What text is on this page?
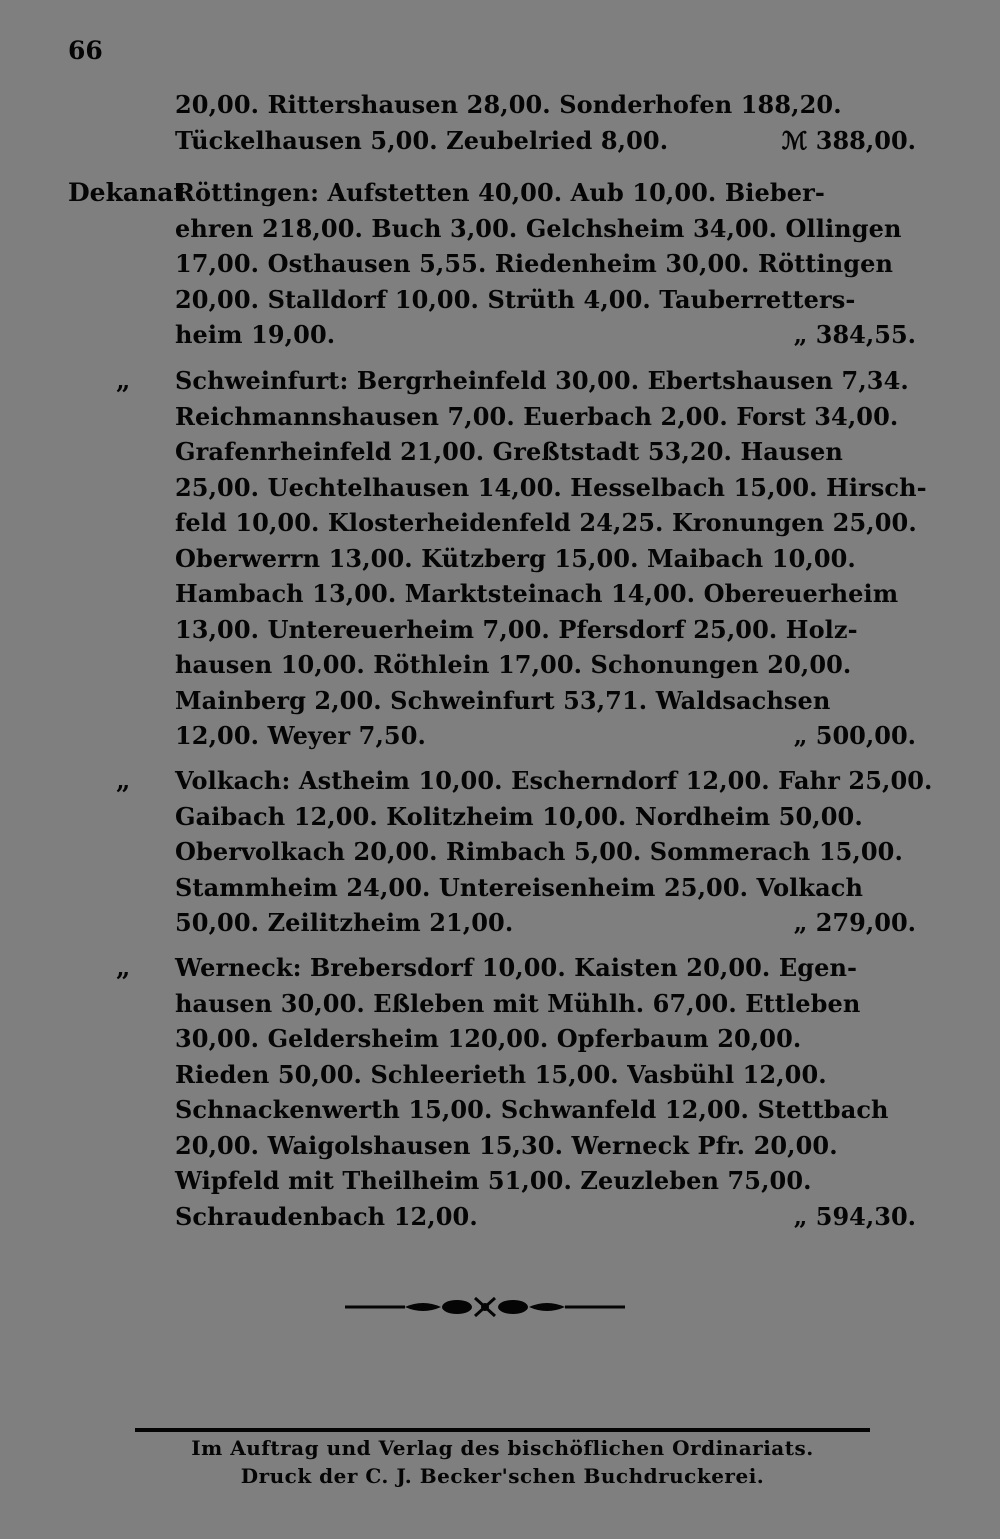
66
20,00. Rittershausen 28,00. Sonderhofen 188,20.
Tückelhausen 5,00. Zeubelried 8,00.	ℳ 388,00.
Dekanat
Röttingen: Aufstetten 40,00. Aub 10,00. Bieber-
ehren 218,00. Buch 3,00. Gelchsheim 34,00. Ollingen
17,00. Osthausen 5,55. Riedenheim 30,00. Röttingen
20,00. Stalldorf 10,00. Strüth 4,00. Tauberretters-
heim 19,00.	„ 384,55.
„ Schweinfurt: Bergrheinfeld 30,00. Ebertshausen 7,34.
Reichmannshausen 7,00. Euerbach 2,00. Forst 34,00.
Grafenrheinfeld 21,00. Greßtstadt 53,20. Hausen
25,00. Uechtelhausen 14,00. Hesselbach 15,00. Hirsch-
feld 10,00. Klosterheidenfeld 24,25. Kronungen 25,00.
Oberwerrn 13,00. Kützberg 15,00. Maibach 10,00.
Hambach 13,00. Marktsteinach 14,00. Obereuerheim
13,00. Untereuerheim 7,00. Pfersdorf 25,00. Holz-
hausen 10,00. Röthlein 17,00. Schonungen 20,00.
Mainberg 2,00. Schweinfurt 53,71. Waldsachsen
12,00. Weyer 7,50.	„ 500,00.
„ Volkach: Astheim 10,00. Escherndorf 12,00. Fahr 25,00.
Gaibach 12,00. Kolitzheim 10,00. Nordheim 50,00.
Obervolkach 20,00. Rimbach 5,00. Sommerach 15,00.
Stammheim 24,00. Untereisenheim 25,00. Volkach
50,00. Zeilitzheim 21,00.	„ 279,00.
„ Werneck: Brebersdorf 10,00. Kaisten 20,00. Egen-
hausen 30,00. Eßleben mit Mühlh. 67,00. Ettleben
30,00. Geldersheim 120,00. Opferbaum 20,00.
Rieden 50,00. Schleerieth 15,00. Vasbühl 12,00.
Schnackenwerth 15,00. Schwanfeld 12,00. Stettbach
20,00. Waigolshausen 15,30. Werneck Pfr. 20,00.
Wipfeld mit Theilheim 51,00. Zeuzleben 75,00.
Schraudenbach 12,00.	„ 594,30.
Im Auftrag und Verlag des bischöflichen Ordinariats.
Druck der C. J. Becker'schen Buchdruckerei.
